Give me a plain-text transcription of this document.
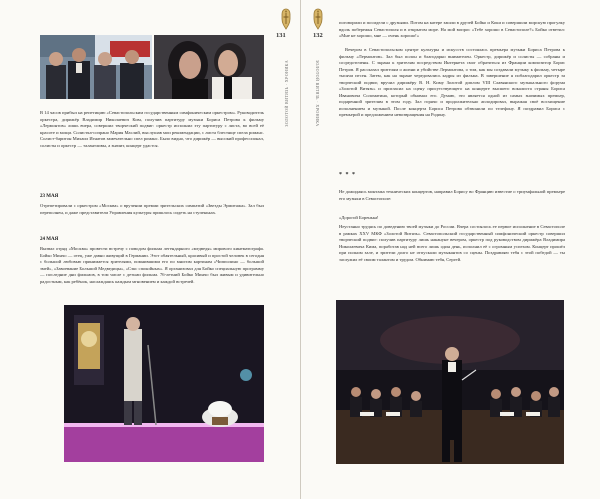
131
ЗОЛОТОЙ ВИТЯЗЬ · ХРОНИКА

В 14 часов прибыл на репетицию «Севастопольским государственным симфоническим оркестром». Руководитель оркестра, дирижёр Владимир Николаевич Ким, получив партитуру музыки Бориса Петрова к фильму «Лермонтов» лишь вчера, совершил творческий подвиг: оркестр исполнил эту партитуру с листа, во всей её красоте и мощи. Солистка-сопрано Мария Маслий, выслушав мои рекомендации, с листа блестяще спела романс. Солист-баритон Михаил Игнатов замечательно спел романс. Было видно, что дирижёр — высокий профессионал, солисты и оркестр — талантливы, а значит, концерт удастся.

23 МАЯ

Отрепетировали с оркестром «Москва» о вручении премии зрительских симпатий «Звезды Эрмитажа». Зал был переполнен, и даже представители Управления культуры пришлось сидеть на ступеньках.

24 МАЯ

Вызвал отряд «Москва» провести встречу с поводом фильма легендарного «медведя» мирового кинематографа. Бойко Минчо — отец, уже давно живущий в Германии. Этот обаятельный, красивый и простой человек в сегодня с большой любовью принимается зрителями, помнившими его по многим картинам «Чипполино — большой змей», «Завоевание Большой Медведицы», «Сэкс спокойных». Я организовал для Бойко специальную программу — последние дни фильмов, в том числе с детьми фильма. 76-летний Бойко Минчо был живым и удивительно радостным, как ребёнок, наслаждаясь каждым мгновением и каждой встречей.

132
ЗОЛОТОЙ ВИТЯЗЬ · ХРОНИКА

поговорили и посидели с друзьями. Потом на катере зашли в друзей Бойко и Коки и совершили морскую прогулку вдоль побережья Севастополя и в открытом море. На мой вопрос «Тебе хорошо в Севастополе?» Бойко ответил: «Мне не хорошо, мне — очень хорошо!»

Вечером в Севастопольском центре культуры и искусств состоялась премьера музыки Бориса Петрова к фильму «Лермонтов». Зал был полон и благодарно внимателен. Оркестр, дирижёр и солисты — собраны и сосредоточены. С экрана к зрителям посредством Интернета смог обратиться из Франции композитор Борис Петров. Я рассказал зрителям о жизни и убийстве Лермонтова, о том, как мы создавали музыку к фильму, четыре тысячи песен. Затем, как на экране чередовались кадры из фильма. В завершение я поблагодарил оркестр за творческий подвиг, вручил дирижёру В. Н. Киму Золотой диплом VIII Славянского музыкального форума «Золотой Витязь» и пригласил на сцену присутствующего на концерте высшего вокалиста страны Бориса Ивановича Соломатина, который обнимал его. Думаю, это является одной из самых значимых премьер, подаренной зрителям в этом году. Зал горячо и продолжительно аплодировал, выражая своё восхищение исполнением и музыкой. После концерта Бориса Петрова обзвонили по телефону. Я поздравил Бориса с премьерой и предложением невозвращения на Родину.

* * *

Не дожидаясь монтажа технических концертов, направил Борису во Францию известие о триумфальной премьере его музыки в Севастополе:

«Дорогой Боренька!

Неустанно трудясь по доведению твоей музыки до России. Вчера состоялось ее первое исполнение в Севастополе в рамках XXV МКФ «Золотой Витязь». Севастопольский государственный симфонический оркестр совершил творческий подвиг: получив партитуру лишь накануне вечером, оркестр под руководством дирижёра Владимира Николаевича Кима, поработав над ней всего лишь один день, исполнил её с огромным успехом. Концерт прошёл при полном зале, и зрители долго не отпускали музыкантов со сцены. Поздравляю тебя с этой победой — ты заслужил её своим талантом и трудом. Обнимаю тебя, Сергей.
